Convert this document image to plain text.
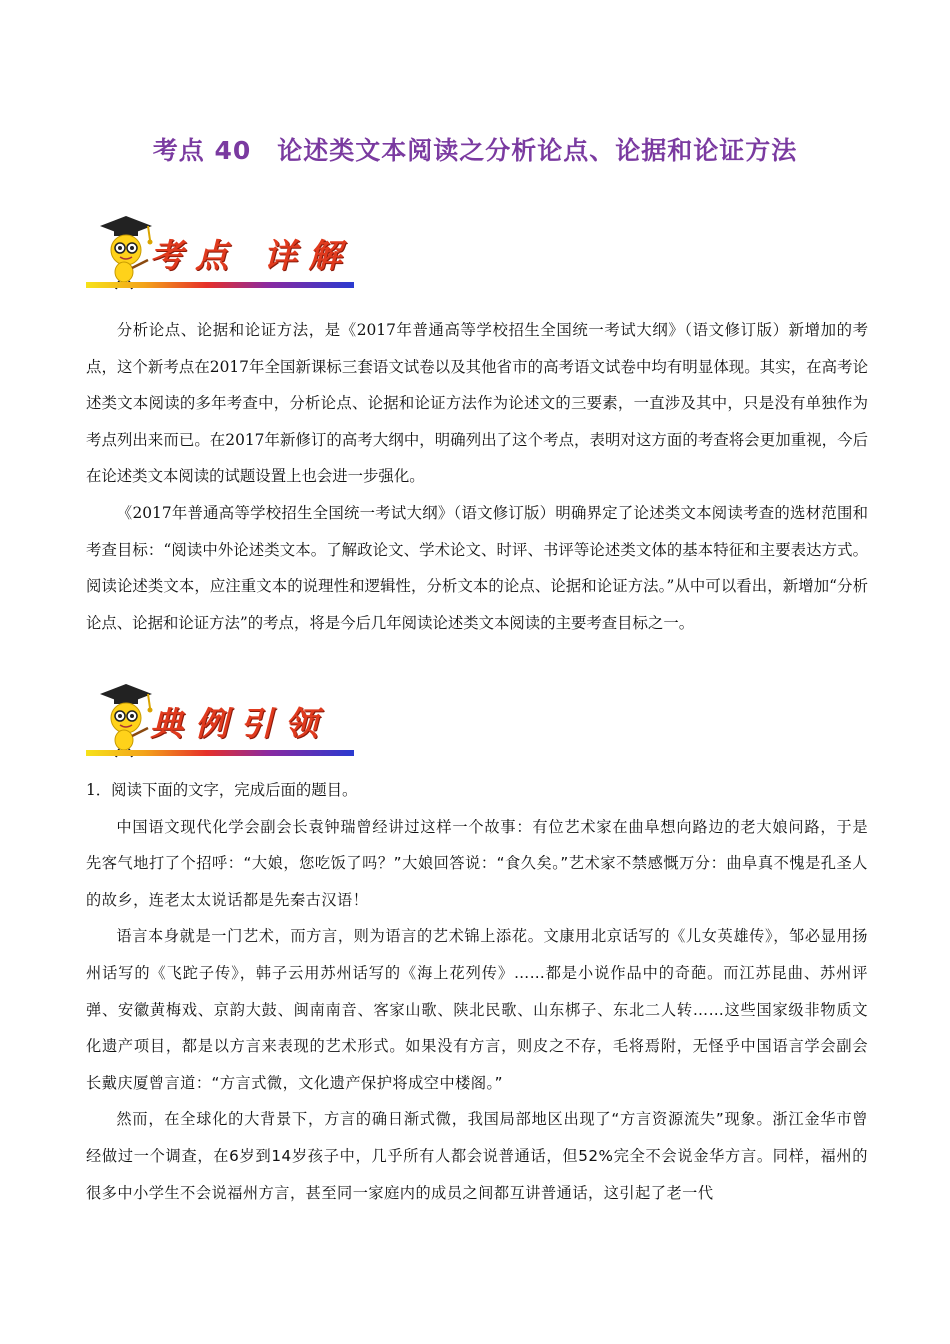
考点 40　论述类文本阅读之分析论点、论据和论证方法
考点 详解

分析论点、论据和论证方法，是《2017年普通高等学校招生全国统一考试大纲》（语文修订版）新增加的考点，这个新考点在2017年全国新课标三套语文试卷以及其他省市的高考语文试卷中均有明显体现。其实，在高考论述类文本阅读的多年考查中，分析论点、论据和论证方法作为论述文的三要素，一直涉及其中，只是没有单独作为考点列出来而已。在2017年新修订的高考大纲中，明确列出了这个考点，表明对这方面的考查将会更加重视，今后在论述类文本阅读的试题设置上也会进一步强化。

《2017年普通高等学校招生全国统一考试大纲》（语文修订版）明确界定了论述类文本阅读考查的选材范围和考查目标：“阅读中外论述类文本。了解政论文、学术论文、时评、书评等论述类文体的基本特征和主要表达方式。阅读论述类文本，应注重文本的说理性和逻辑性，分析文本的论点、论据和论证方法。”从中可以看出，新增加“分析论点、论据和论证方法”的考点，将是今后几年阅读论述类文本阅读的主要考查目标之一。

典例引领

1．阅读下面的文字，完成后面的题目。

中国语文现代化学会副会长袁钟瑞曾经讲过这样一个故事：有位艺术家在曲阜想向路边的老大娘问路，于是先客气地打了个招呼：“大娘，您吃饭了吗？”大娘回答说：“食久矣。”艺术家不禁感慨万分：曲阜真不愧是孔圣人的故乡，连老太太说话都是先秦古汉语！

语言本身就是一门艺术，而方言，则为语言的艺术锦上添花。文康用北京话写的《儿女英雄传》，邹必显用扬州话写的《飞跎子传》，韩子云用苏州话写的《海上花列传》……都是小说作品中的奇葩。而江苏昆曲、苏州评弹、安徽黄梅戏、京韵大鼓、闽南南音、客家山歌、陕北民歌、山东梆子、东北二人转……这些国家级非物质文化遗产项目，都是以方言来表现的艺术形式。如果没有方言，则皮之不存，毛将焉附，无怪乎中国语言学会副会长戴庆厦曾言道：“方言式微，文化遗产保护将成空中楼阁。”

然而，在全球化的大背景下，方言的确日渐式微，我国局部地区出现了“方言资源流失”现象。浙江金华市曾经做过一个调查，在6岁到14岁孩子中，几乎所有人都会说普通话，但52%完全不会说金华方言。同样，福州的很多中小学生不会说福州方言，甚至同一家庭内的成员之间都互讲普通话，这引起了老一代
